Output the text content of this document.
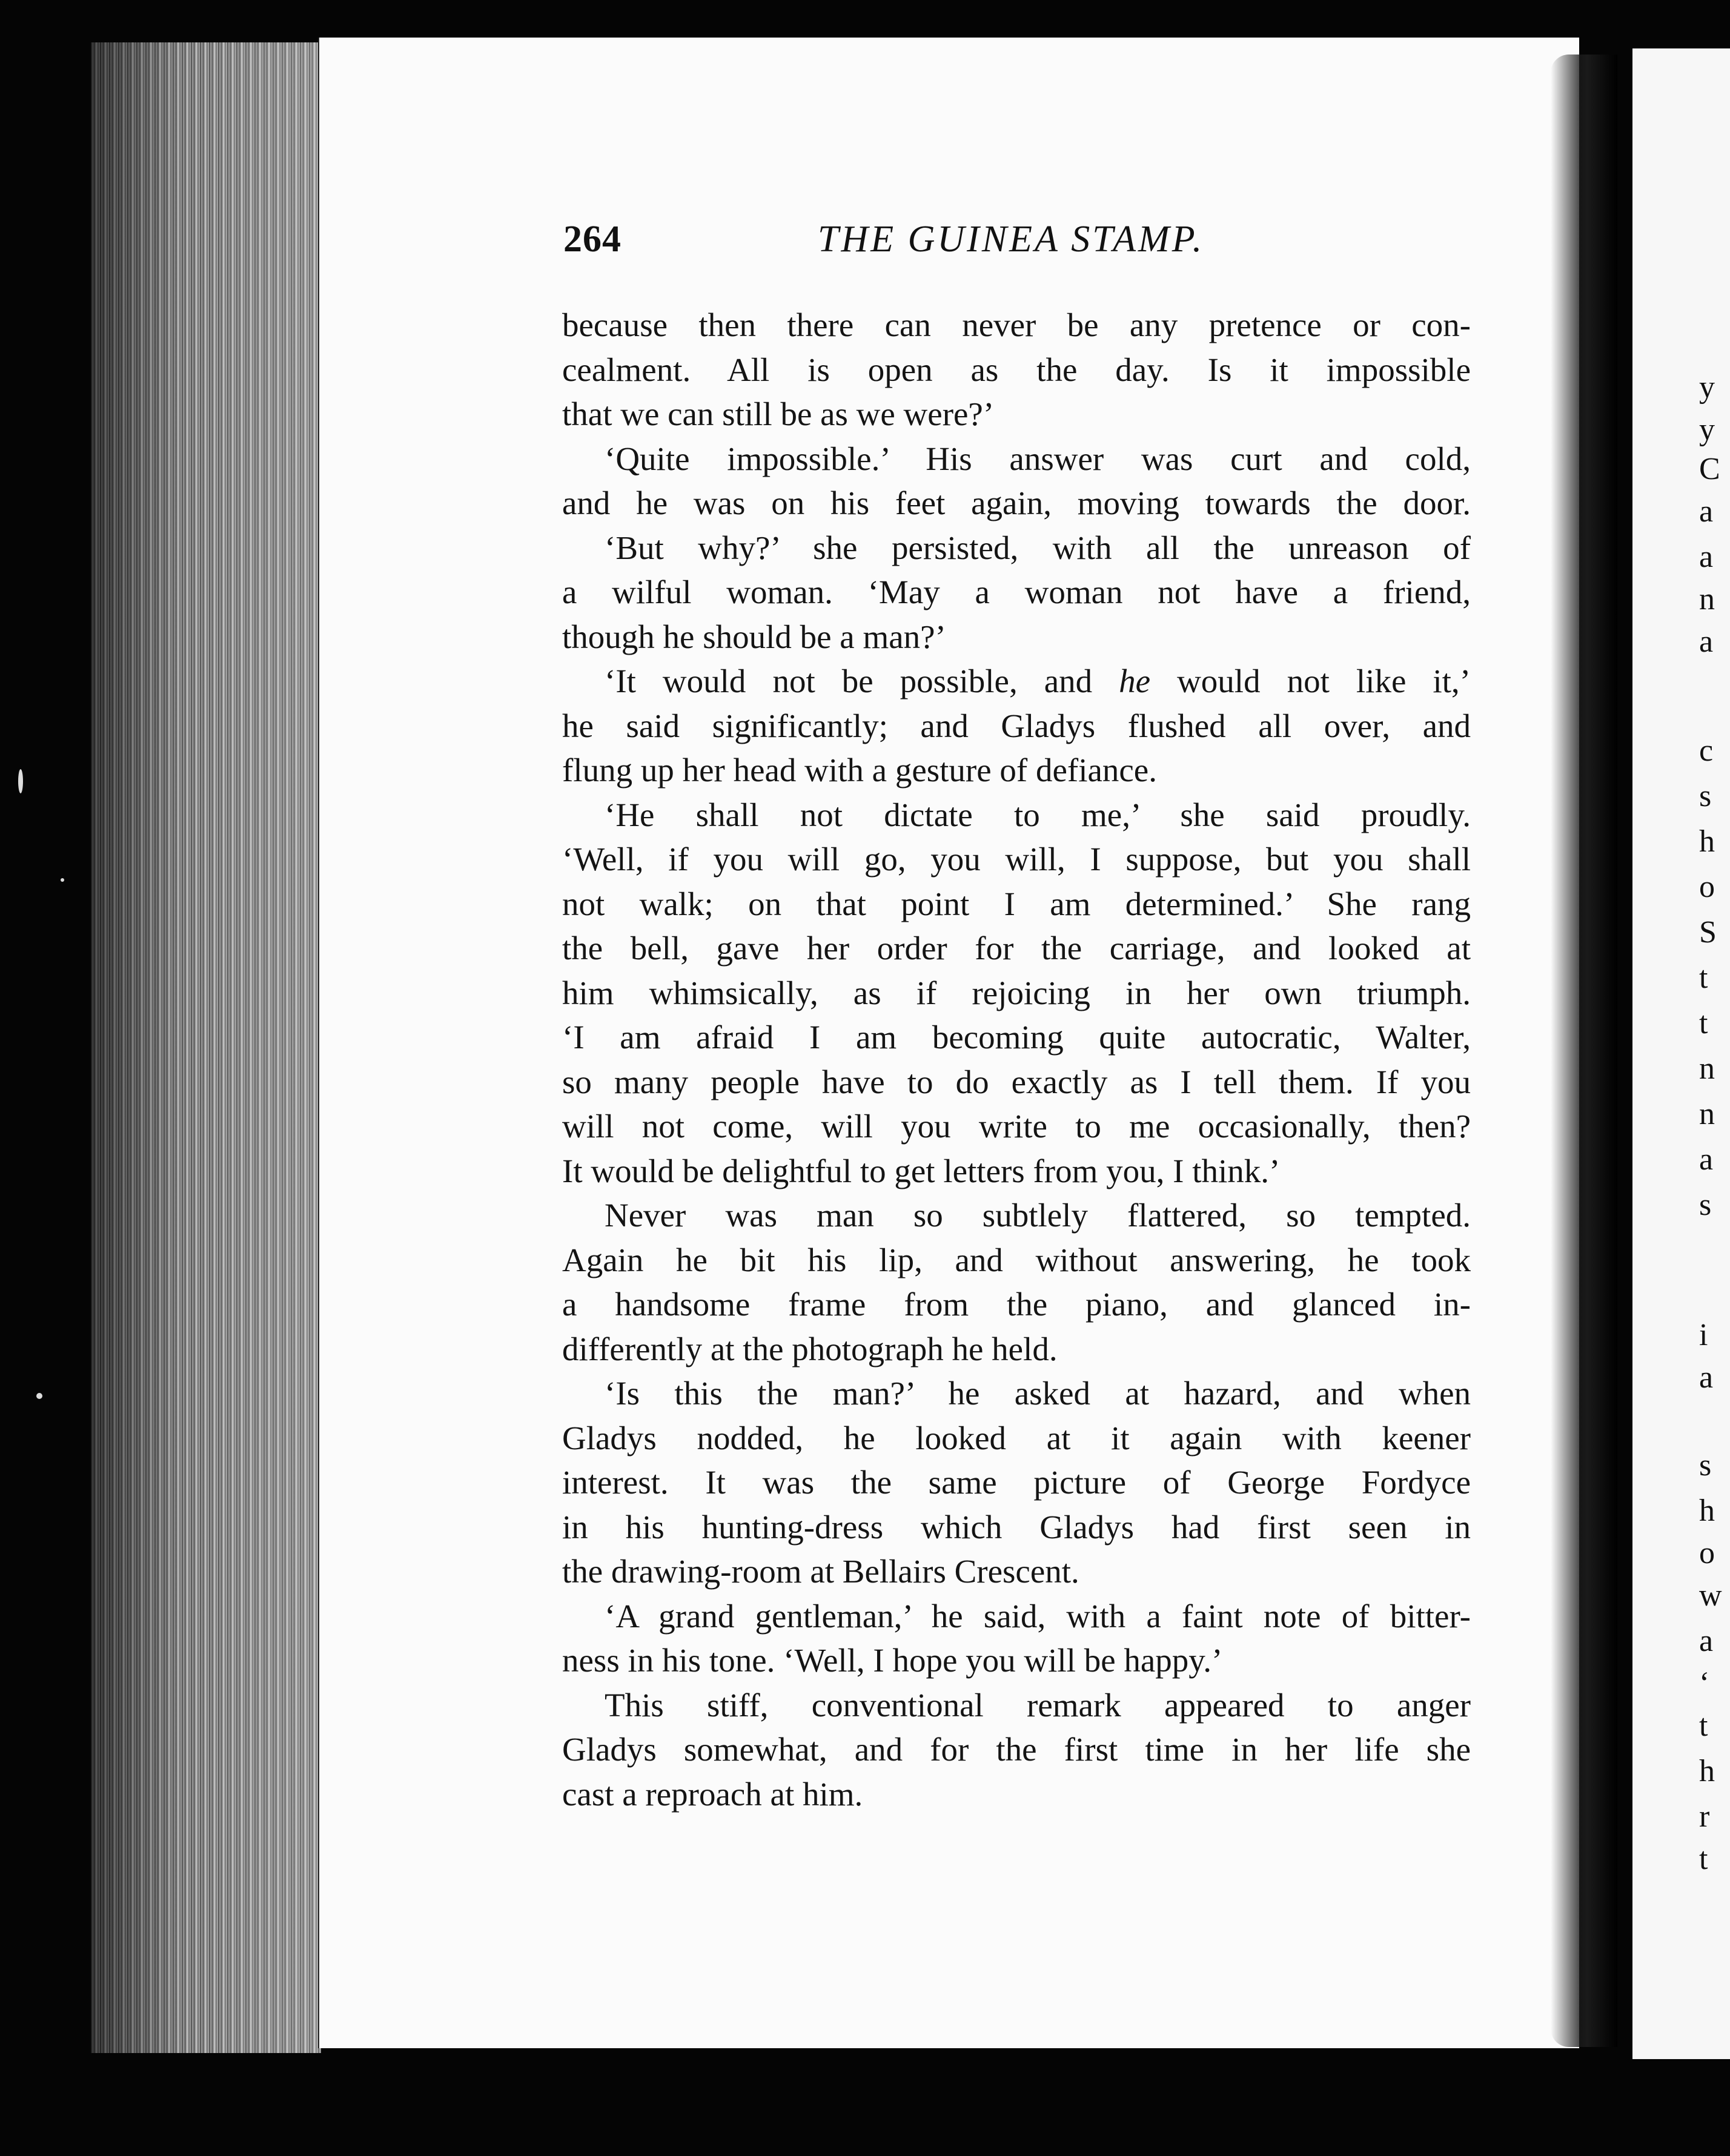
y
y
C
a
a
n
a
c
s
h
o
S
t
t
n
n
a
s
i
a
s
h
o
w
a
‘
t
h
r
t
264	THE GUINEA STAMP.
because then there can never be any pretence or con-
cealment. All is open as the day. Is it impossible
that we can still be as we were?’
‘Quite impossible.’ His answer was curt and cold,
and he was on his feet again, moving towards the door.
‘But why?’ she persisted, with all the unreason of
a wilful woman. ‘May a woman not have a friend,
though he should be a man?’
‘It would not be possible, and he would not like it,’
he said significantly; and Gladys flushed all over, and
flung up her head with a gesture of defiance.
‘He shall not dictate to me,’ she said proudly.
‘Well, if you will go, you will, I suppose, but you shall
not walk; on that point I am determined.’ She rang
the bell, gave her order for the carriage, and looked at
him whimsically, as if rejoicing in her own triumph.
‘I am afraid I am becoming quite autocratic, Walter,
so many people have to do exactly as I tell them. If you
will not come, will you write to me occasionally, then?
It would be delightful to get letters from you, I think.’
Never was man so subtlely flattered, so tempted.
Again he bit his lip, and without answering, he took
a handsome frame from the piano, and glanced in-
differently at the photograph he held.
‘Is this the man?’ he asked at hazard, and when
Gladys nodded, he looked at it again with keener
interest. It was the same picture of George Fordyce
in his hunting-dress which Gladys had first seen in
the drawing-room at Bellairs Crescent.
‘A grand gentleman,’ he said, with a faint note of bitter-
ness in his tone. ‘Well, I hope you will be happy.’
This stiff, conventional remark appeared to anger
Gladys somewhat, and for the first time in her life she
cast a reproach at him.
